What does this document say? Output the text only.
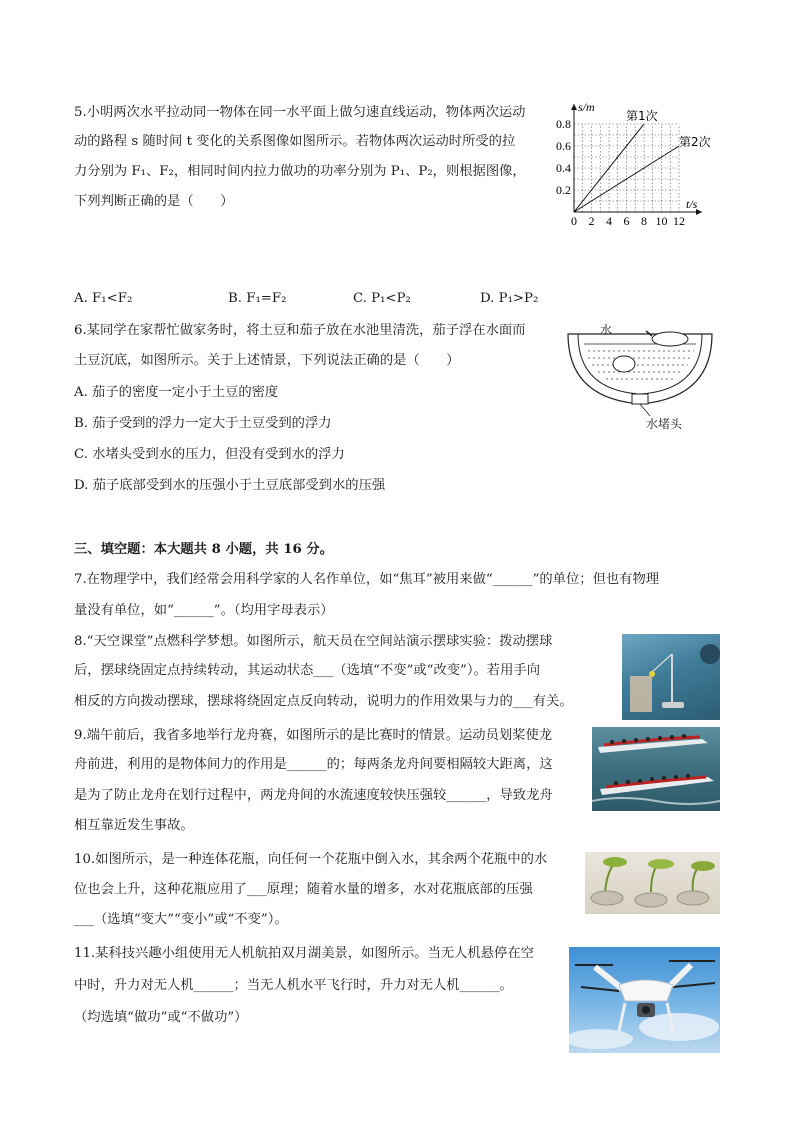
5.小明两次水平拉动同一物体在同一水平面上做匀速直线运动，物体两次运动
动的路程 s 随时间 t 变化的关系图像如图所示。若物体两次运动时所受的拉
力分别为 F₁、F₂，相同时间内拉力做功的功率分别为 P₁、P₂，则根据图像，
下列判断正确的是（　　）
0 2 4 6 8 10 12
0.2
0.4
0.6
0.8
t/s
s/m
第1次
第2次
A. F₁<F₂	B. F₁=F₂	C. P₁<P₂	D. P₁>P₂
6.某同学在家帮忙做家务时，将土豆和茄子放在水池里清洗，茄子浮在水面而
土豆沉底，如图所示。关于上述情景，下列说法正确的是（　　）
A. 茄子的密度一定小于土豆的密度
B. 茄子受到的浮力一定大于土豆受到的浮力
C. 水堵头受到水的压力，但没有受到水的浮力
D. 茄子底部受到水的压强小于土豆底部受到水的压强
水
水堵头
三、填空题：本大题共 8 小题，共 16 分。
7.在物理学中，我们经常会用科学家的人名作单位，如“焦耳”被用来做“______”的单位；但也有物理
量没有单位，如“______”。（均用字母表示）
8.“天空课堂”点燃科学梦想。如图所示，航天员在空间站演示摆球实验：拨动摆球
后，摆球绕固定点持续转动，其运动状态___（选填“不变”或“改变”）。若用手向
相反的方向拨动摆球，摆球将绕固定点反向转动，说明力的作用效果与力的___有关。
9.端午前后，我省多地举行龙舟赛，如图所示的是比赛时的情景。运动员划桨使龙
舟前进，利用的是物体间力的作用是______的；每两条龙舟间要相隔较大距离，这
是为了防止龙舟在划行过程中，两龙舟间的水流速度较快压强较______，导致龙舟
相互靠近发生事故。
10.如图所示，是一种连体花瓶，向任何一个花瓶中倒入水，其余两个花瓶中的水
位也会上升，这种花瓶应用了___原理；随着水量的增多，水对花瓶底部的压强
___（选填“变大”“变小”或“不变”）。
11.某科技兴趣小组使用无人机航拍双月湖美景，如图所示。当无人机悬停在空
中时，升力对无人机______；当无人机水平飞行时，升力对无人机______。
（均选填“做功”或“不做功”）
